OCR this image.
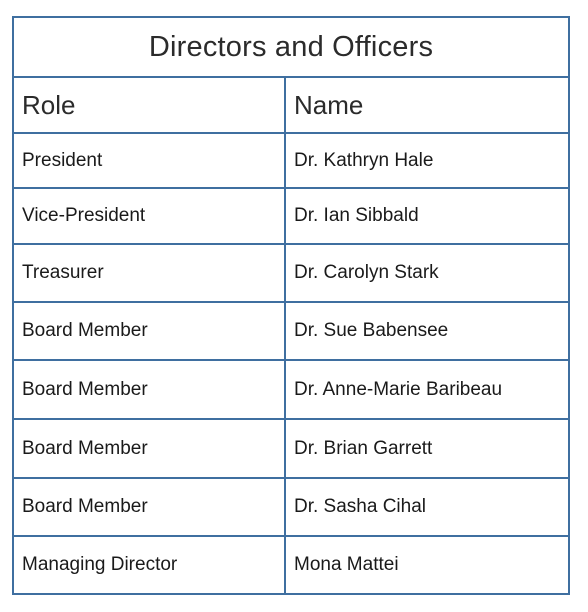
Directors and Officers	
Role	Name
President	Dr. Kathryn Hale
Vice-President	Dr. Ian Sibbald
Treasurer	Dr. Carolyn Stark
Board Member	Dr. Sue Babensee
Board Member	Dr. Anne-Marie Baribeau
Board Member	Dr. Brian Garrett
Board Member	Dr. Sasha Cihal
Managing Director	Mona Mattei
